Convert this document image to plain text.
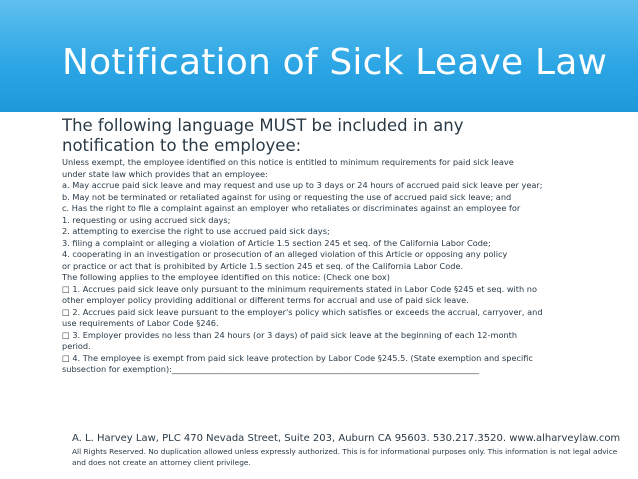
Notification of Sick Leave Law
The following language MUST be included in any
notification to the employee:
Unless exempt, the employee identified on this notice is entitled to minimum requirements for paid sick leave
under state law which provides that an employee:
a. May accrue paid sick leave and may request and use up to 3 days or 24 hours of accrued paid sick leave per year;
b. May not be terminated or retaliated against for using or requesting the use of accrued paid sick leave; and
c. Has the right to file a complaint against an employer who retaliates or discriminates against an employee for
1. requesting or using accrued sick days;
2. attempting to exercise the right to use accrued paid sick days;
3. filing a complaint or alleging a violation of Article 1.5 section 245 et seq. of the California Labor Code;
4. cooperating in an investigation or prosecution of an alleged violation of this Article or opposing any policy
or practice or act that is prohibited by Article 1.5 section 245 et seq. of the California Labor Code.
The following applies to the employee identified on this notice: (Check one box)
□ 1. Accrues paid sick leave only pursuant to the minimum requirements stated in Labor Code §245 et seq. with no
other employer policy providing additional or different terms for accrual and use of paid sick leave.
□ 2. Accrues paid sick leave pursuant to the employer's policy which satisfies or exceeds the accrual, carryover, and
use requirements of Labor Code §246.
□ 3. Employer provides no less than 24 hours (or 3 days) of paid sick leave at the beginning of each 12-month
period.
□ 4. The employee is exempt from paid sick leave protection by Labor Code §245.5. (State exemption and specific
subsection for exemption):___________________________________________________________________________
A. L. Harvey Law, PLC 470 Nevada Street, Suite 203, Auburn CA 95603. 530.217.3520. www.alharveylaw.com
All Rights Reserved. No duplication allowed unless expressly authorized. This is for informational purposes only. This information is not legal advice and does not create an attorney client privilege.
